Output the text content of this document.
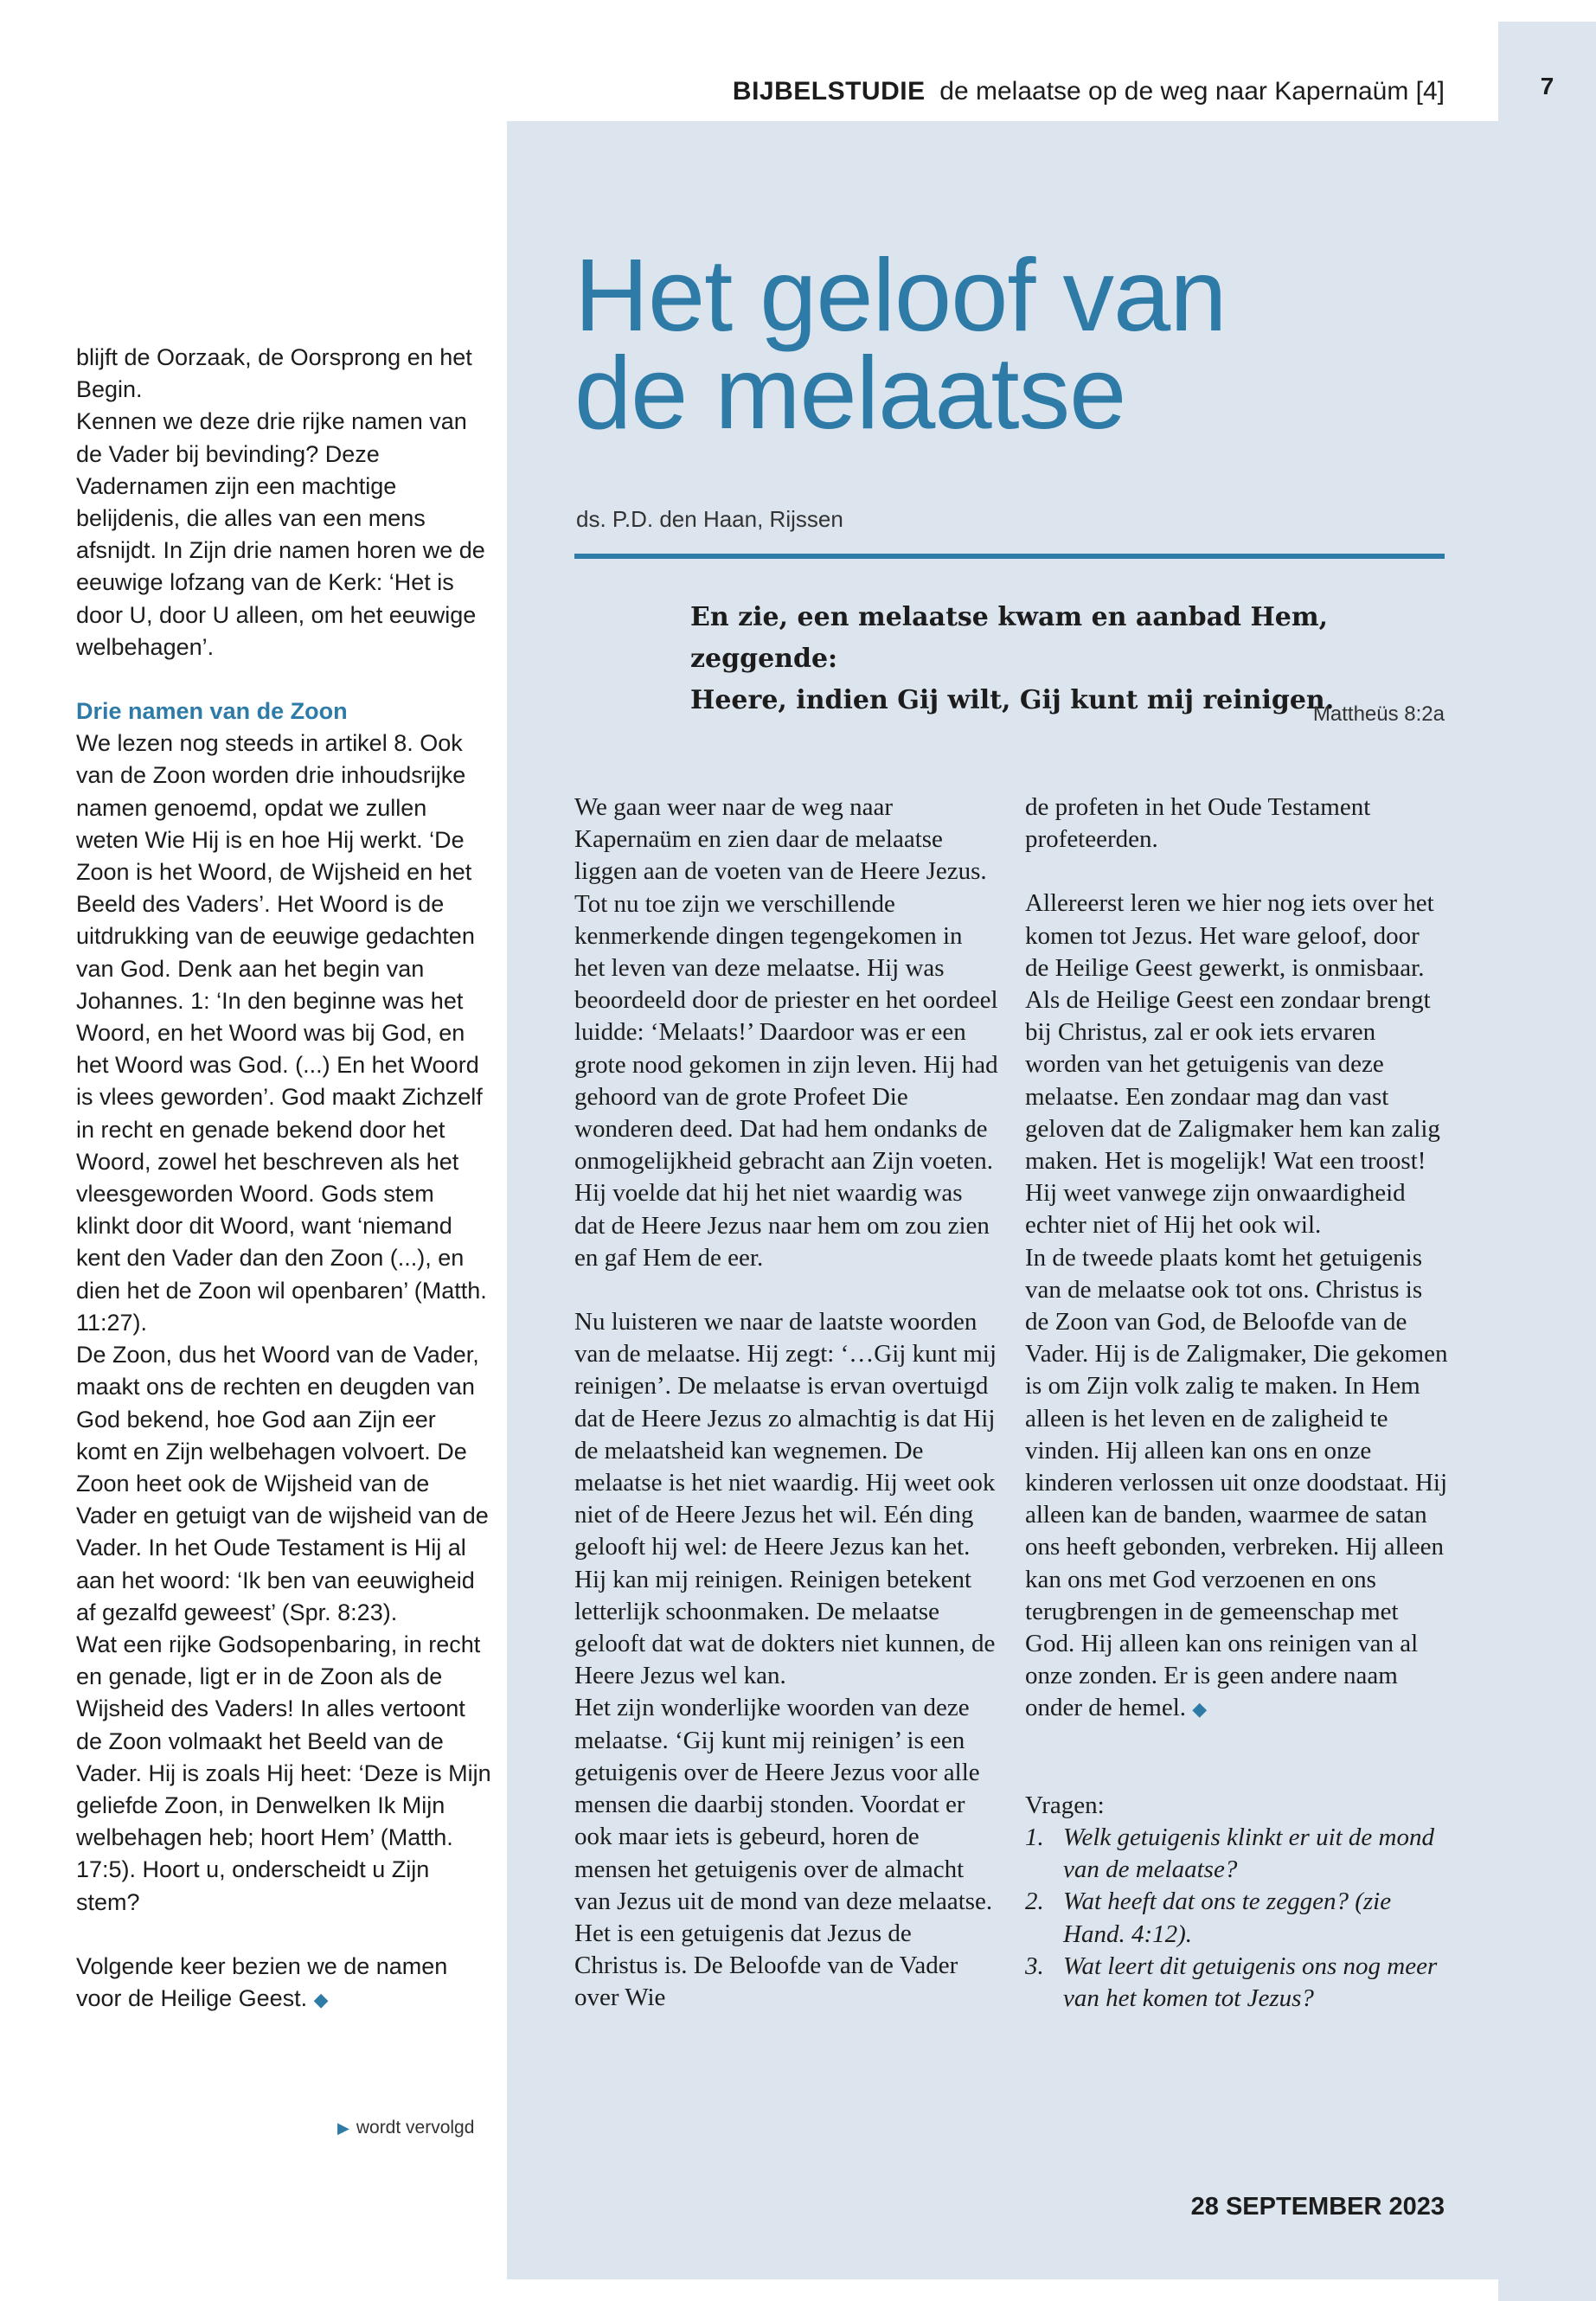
7
BIJBELSTUDIE de melaatse op de weg naar Kapernaüm [4]
Het geloof van
de melaatse
ds. P.D. den Haan, Rijssen

En zie, een melaatse kwam en aanbad Hem, zeggende:
Heere, indien Gij wilt, Gij kunt mij reinigen.

Mattheüs 8:2a

blijft de Oorzaak, de Oorsprong en het Begin.

Kennen we deze drie rijke namen van de Vader bij bevinding? Deze Vadernamen zijn een machtige belijdenis, die alles van een mens afsnijdt. In Zijn drie namen horen we de eeuwige lofzang van de Kerk: ‘Het is door U, door U alleen, om het eeuwige welbehagen’.

Drie namen van de Zoon

We lezen nog steeds in artikel 8. Ook van de Zoon worden drie inhoudsrijke namen genoemd, opdat we zullen weten Wie Hij is en hoe Hij werkt. ‘De Zoon is het Woord, de Wijsheid en het Beeld des Vaders’. Het Woord is de uitdrukking van de eeuwige gedachten van God. Denk aan het begin van Johannes. 1: ‘In den beginne was het Woord, en het Woord was bij God, en het Woord was God. (...) En het Woord is vlees geworden’. God maakt Zichzelf in recht en genade bekend door het Woord, zowel het beschreven als het vleesgeworden Woord. Gods stem klinkt door dit Woord, want ‘niemand kent den Vader dan den Zoon (...), en dien het de Zoon wil openbaren’ (Matth. 11:27).

De Zoon, dus het Woord van de Vader, maakt ons de rechten en deugden van God bekend, hoe God aan Zijn eer komt en Zijn welbehagen volvoert. De Zoon heet ook de Wijsheid van de Vader en getuigt van de wijsheid van de Vader. In het Oude Testament is Hij al aan het woord: ‘Ik ben van eeuwigheid af gezalfd geweest’ (Spr. 8:23).

Wat een rijke Godsopenbaring, in recht en genade, ligt er in de Zoon als de Wijsheid des Vaders! In alles vertoont de Zoon volmaakt het Beeld van de Vader. Hij is zoals Hij heet: ‘Deze is Mijn geliefde Zoon, in Denwelken Ik Mijn welbehagen heb; hoort Hem’ (Matth. 17:5). Hoort u, onderscheidt u Zijn stem?

Volgende keer bezien we de namen voor de Heilige Geest. ◆

▶ wordt vervolgd

We gaan weer naar de weg naar Kapernaüm en zien daar de melaatse liggen aan de voeten van de Heere Jezus. Tot nu toe zijn we verschillende kenmerkende dingen tegengekomen in het leven van deze melaatse. Hij was beoordeeld door de priester en het oordeel luidde: ‘Melaats!’ Daardoor was er een grote nood gekomen in zijn leven. Hij had gehoord van de grote Profeet Die wonderen deed. Dat had hem ondanks de onmogelijkheid gebracht aan Zijn voeten. Hij voelde dat hij het niet waardig was dat de Heere Jezus naar hem om zou zien en gaf Hem de eer.

Nu luisteren we naar de laatste woorden van de melaatse. Hij zegt: ‘…Gij kunt mij reinigen’. De melaatse is ervan overtuigd dat de Heere Jezus zo almachtig is dat Hij de melaatsheid kan wegnemen. De melaatse is het niet waardig. Hij weet ook niet of de Heere Jezus het wil. Eén ding gelooft hij wel: de Heere Jezus kan het. Hij kan mij reinigen. Reinigen betekent letterlijk schoonmaken. De melaatse gelooft dat wat de dokters niet kunnen, de Heere Jezus wel kan.

Het zijn wonderlijke woorden van deze melaatse. ‘Gij kunt mij reinigen’ is een getuigenis over de Heere Jezus voor alle mensen die daarbij stonden. Voordat er ook maar iets is gebeurd, horen de mensen het getuigenis over de almacht van Jezus uit de mond van deze melaatse. Het is een getuigenis dat Jezus de Christus is. De Beloofde van de Vader over Wie

de profeten in het Oude Testament profeteerden.

Allereerst leren we hier nog iets over het komen tot Jezus. Het ware geloof, door de Heilige Geest gewerkt, is onmisbaar. Als de Heilige Geest een zondaar brengt bij Christus, zal er ook iets ervaren worden van het getuigenis van deze melaatse. Een zondaar mag dan vast geloven dat de Zaligmaker hem kan zalig maken. Het is mogelijk! Wat een troost! Hij weet vanwege zijn onwaardigheid echter niet of Hij het ook wil.

In de tweede plaats komt het getuigenis van de melaatse ook tot ons. Christus is de Zoon van God, de Beloofde van de Vader. Hij is de Zaligmaker, Die gekomen is om Zijn volk zalig te maken. In Hem alleen is het leven en de zaligheid te vinden. Hij alleen kan ons en onze kinderen verlossen uit onze doodstaat. Hij alleen kan de banden, waarmee de satan ons heeft gebonden, verbreken. Hij alleen kan ons met God verzoenen en ons terugbrengen in de gemeenschap met God. Hij alleen kan ons reinigen van al onze zonden. Er is geen andere naam onder de hemel. ◆

Vragen:

1. Welk getuigenis klinkt er uit de mond van de melaatse?
2. Wat heeft dat ons te zeggen? (zie Hand. 4:12).
3. Wat leert dit getuigenis ons nog meer van het komen tot Jezus?
28 SEPTEMBER 2023
